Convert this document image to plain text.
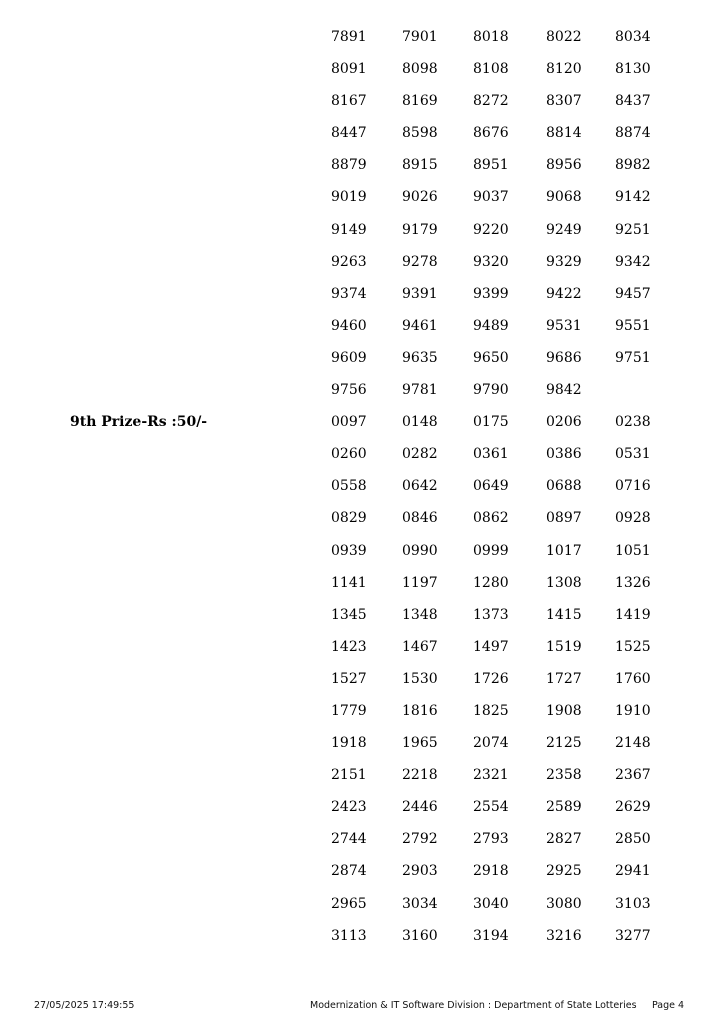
7891	7901	8018	8022 8034
8091	8098	8108	8120 8130
8167	8169	8272	8307 8437
8447	8598	8676	8814 8874
8879	8915	8951	8956 8982
9019	9026	9037	9068 9142
9149	9179	9220	9249 9251
9263	9278	9320	9329 9342
9374	9391	9399	9422 9457
9460	9461	9489	9531 9551
9609	9635	9650	9686 9751
9756	9781	9790	9842
9th Prize-Rs :50/-	0097	0148	0175	0206 0238
0260	0282	0361	0386 0531
0558	0642	0649	0688 0716
0829	0846	0862	0897 0928
0939	0990	0999	1017 1051
1141	1197	1280	1308 1326
1345	1348	1373	1415 1419
1423	1467	1497	1519 1525
1527	1530	1726	1727 1760
1779	1816	1825	1908 1910
1918	1965	2074	2125 2148
2151	2218	2321	2358 2367
2423	2446	2554	2589 2629
2744	2792	2793	2827 2850
2874	2903	2918	2925 2941
2965	3034	3040	3080 3103
3113	3160	3194	3216 3277
27/05/2025 17:49:55	Modernization & IT Software Division : Department of State Lotteries Page 4
